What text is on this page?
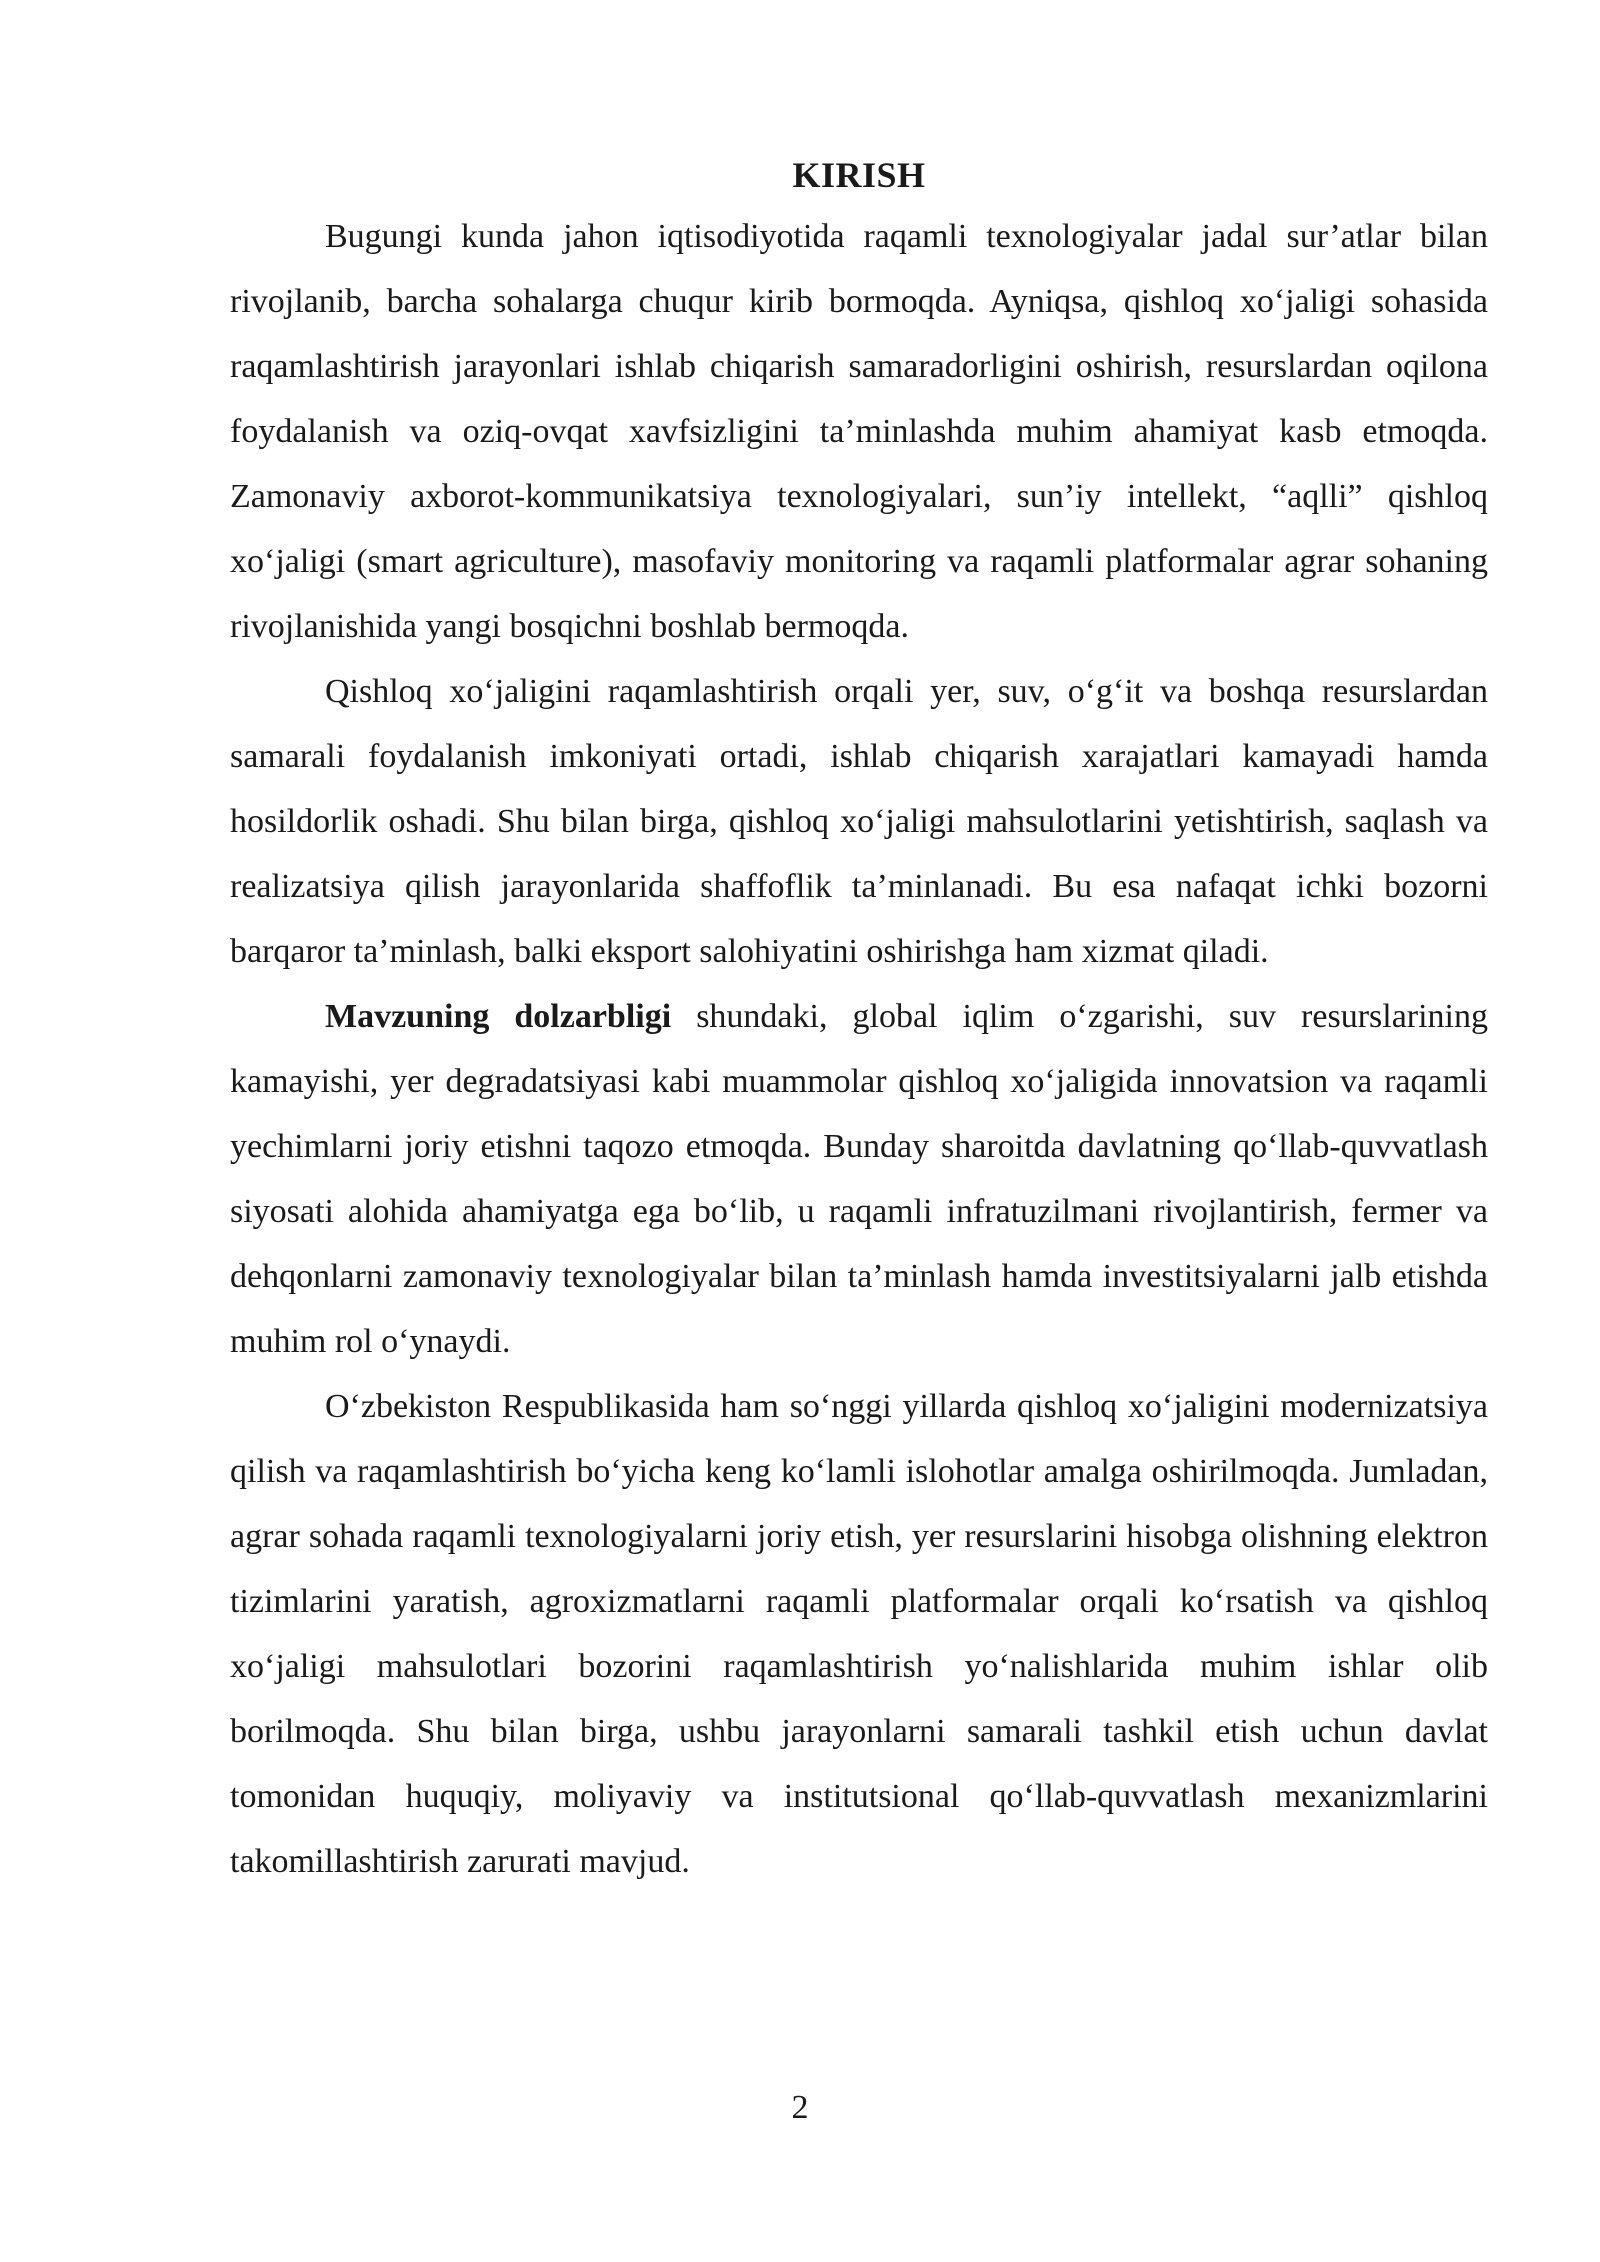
KIRISH

Bugungi kunda jahon iqtisodiyotida raqamli texnologiyalar jadal sur’atlar bilan rivojlanib, barcha sohalarga chuqur kirib bormoqda. Ayniqsa, qishloq xo‘jaligi sohasida raqamlashtirish jarayonlari ishlab chiqarish samaradorligini oshirish, resurslardan oqilona foydalanish va oziq-ovqat xavfsizligini ta’minlashda muhim ahamiyat kasb etmoqda. Zamonaviy axborot-kommunikatsiya texnologiyalari, sun’iy intellekt, “aqlli” qishloq xo‘jaligi (smart agriculture), masofaviy monitoring va raqamli platformalar agrar sohaning rivojlanishida yangi bosqichni boshlab bermoqda.

Qishloq xo‘jaligini raqamlashtirish orqali yer, suv, o‘g‘it va boshqa resurslardan samarali foydalanish imkoniyati ortadi, ishlab chiqarish xarajatlari kamayadi hamda hosildorlik oshadi. Shu bilan birga, qishloq xo‘jaligi mahsulotlarini yetishtirish, saqlash va realizatsiya qilish jarayonlarida shaffoflik ta’minlanadi. Bu esa nafaqat ichki bozorni barqaror ta’minlash, balki eksport salohiyatini oshirishga ham xizmat qiladi.

Mavzuning dolzarbligi shundaki, global iqlim o‘zgarishi, suv resurslarining kamayishi, yer degradatsiyasi kabi muammolar qishloq xo‘jaligida innovatsion va raqamli yechimlarni joriy etishni taqozo etmoqda. Bunday sharoitda davlatning qo‘llab-quvvatlash siyosati alohida ahamiyatga ega bo‘lib, u raqamli infratuzilmani rivojlantirish, fermer va dehqonlarni zamonaviy texnologiyalar bilan ta’minlash hamda investitsiyalarni jalb etishda muhim rol o‘ynaydi.

O‘zbekiston Respublikasida ham so‘nggi yillarda qishloq xo‘jaligini modernizatsiya qilish va raqamlashtirish bo‘yicha keng ko‘lamli islohotlar amalga oshirilmoqda. Jumladan, agrar sohada raqamli texnologiyalarni joriy etish, yer resurslarini hisobga olishning elektron tizimlarini yaratish, agroxizmatlarni raqamli platformalar orqali ko‘rsatish va qishloq xo‘jaligi mahsulotlari bozorini raqamlashtirish yo‘nalishlarida muhim ishlar olib borilmoqda. Shu bilan birga, ushbu jarayonlarni samarali tashkil etish uchun davlat tomonidan huquqiy, moliyaviy va institutsional qo‘llab-quvvatlash mexanizmlarini takomillashtirish zarurati mavjud.

2
